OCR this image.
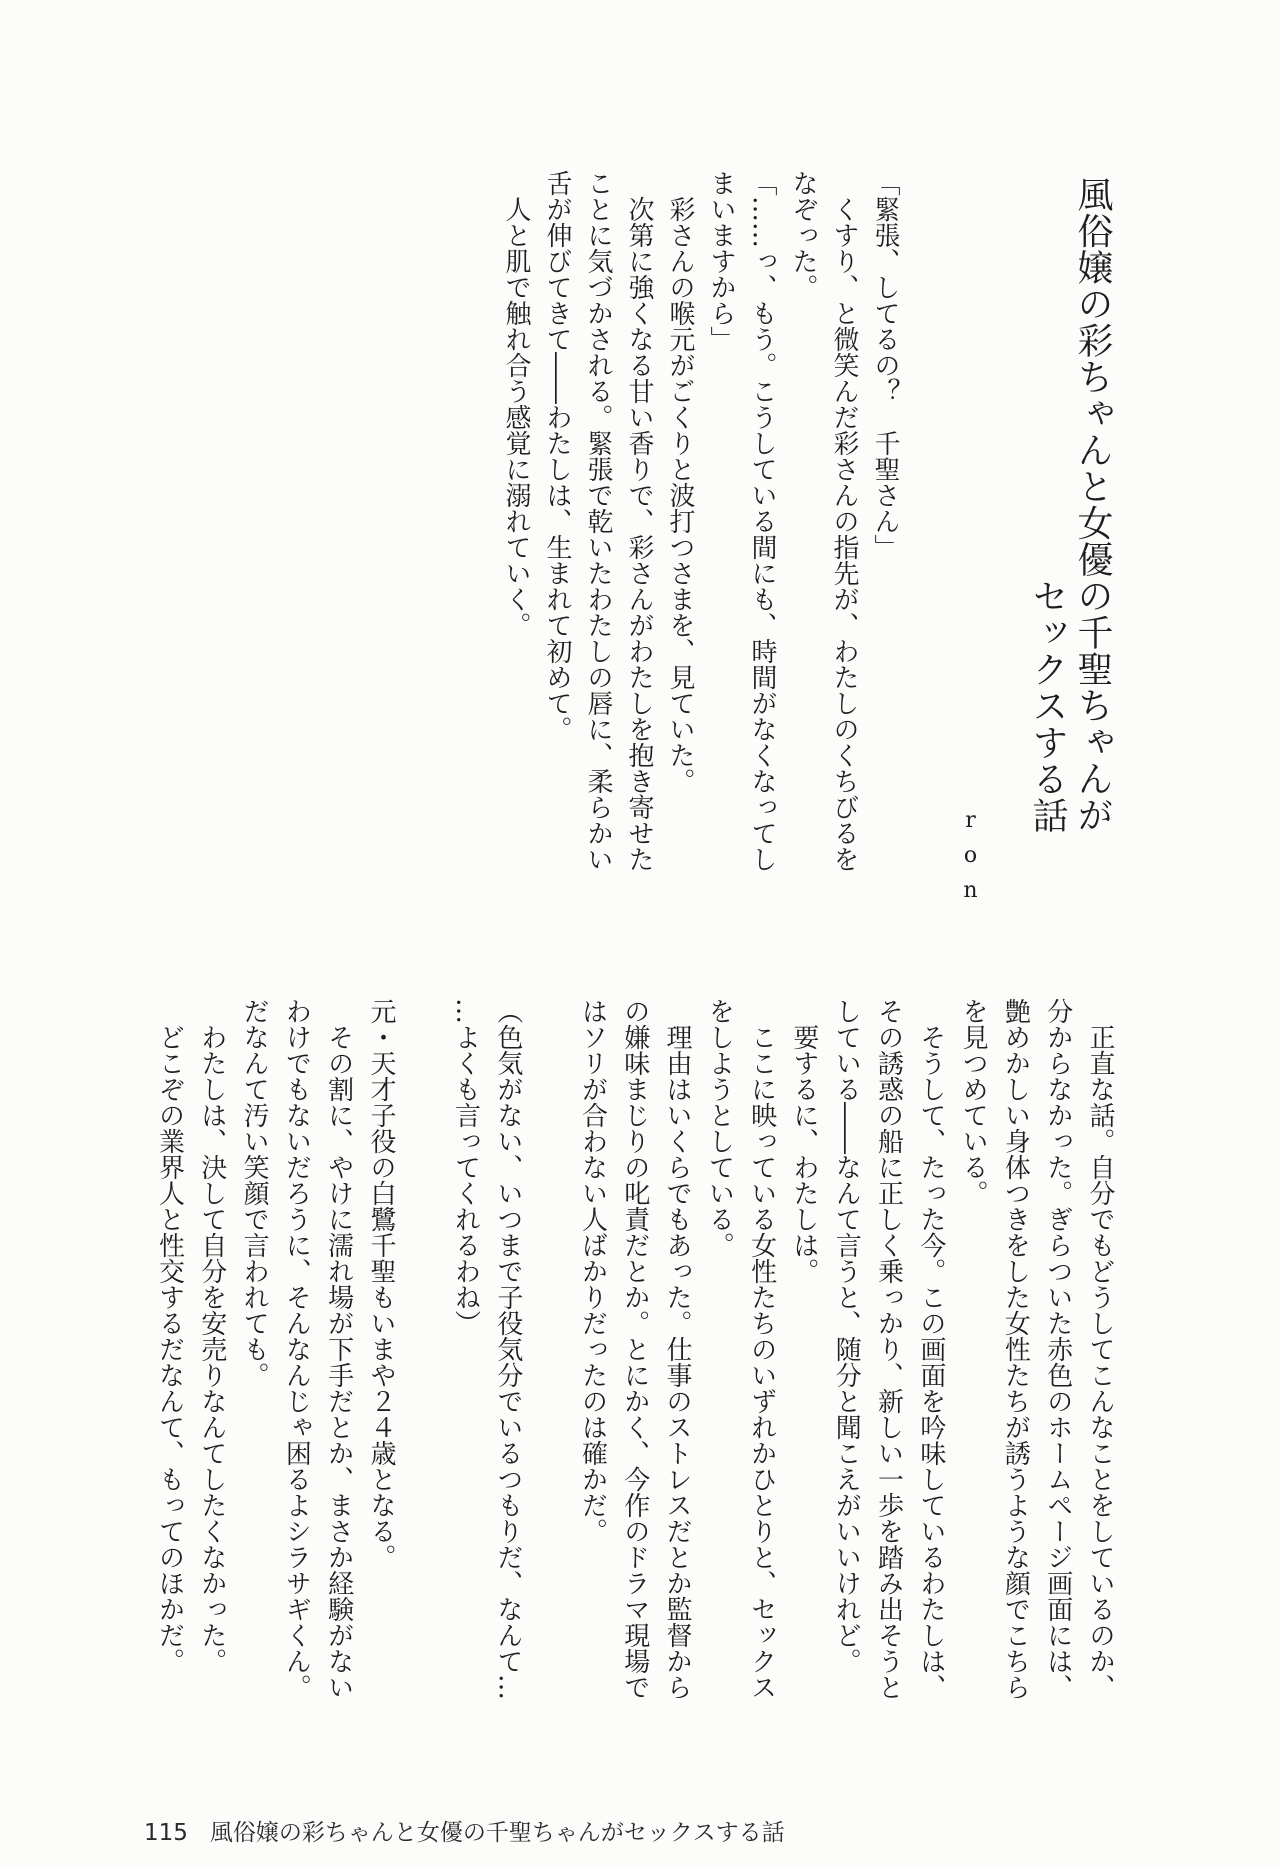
風俗嬢の彩ちゃんと女優の千聖ちゃんが
セックスする話
ron
「緊張、してるの？　千聖さん」
　くすり、と微笑んだ彩さんの指先が、わたしのくちびるを
なぞった。
「……っ、もう。こうしている間にも、時間がなくなってし
まいますから」
　彩さんの喉元がごくりと波打つさまを、見ていた。
　次第に強くなる甘い香りで、彩さんがわたしを抱き寄せた
ことに気づかされる。緊張で乾いたわたしの唇に、柔らかい
舌が伸びてきて――わたしは、生まれて初めて。
　人と肌で触れ合う感覚に溺れていく。
　正直な話。自分でもどうしてこんなことをしているのか、
分からなかった。ぎらついた赤色のホームページ画面には、
艶めかしい身体つきをした女性たちが誘うような顔でこちら
を見つめている。
　そうして、たった今。この画面を吟味しているわたしは、
その誘惑の船に正しく乗っかり、新しい一歩を踏み出そうと
している――なんて言うと、随分と聞こえがいいけれど。
　要するに、わたしは。
　ここに映っている女性たちのいずれかひとりと、セックス
をしようとしている。
　理由はいくらでもあった。仕事のストレスだとか監督から
の嫌味まじりの叱責だとか。とにかく、今作のドラマ現場で
はソリが合わない人ばかりだったのは確かだ。

（色気がない、いつまで子役気分でいるつもりだ、なんて…
…よくも言ってくれるわね）

元・天才子役の白鷺千聖もいまや２４歳となる。
　その割に、やけに濡れ場が下手だとか、まさか経験がない
わけでもないだろうに、そんなんじゃ困るよシラサギくん。
だなんて汚い笑顔で言われても。
　わたしは、決して自分を安売りなんてしたくなかった。
　どこぞの業界人と性交するだなんて、もってのほかだ。
115 風俗嬢の彩ちゃんと女優の千聖ちゃんがセックスする話
